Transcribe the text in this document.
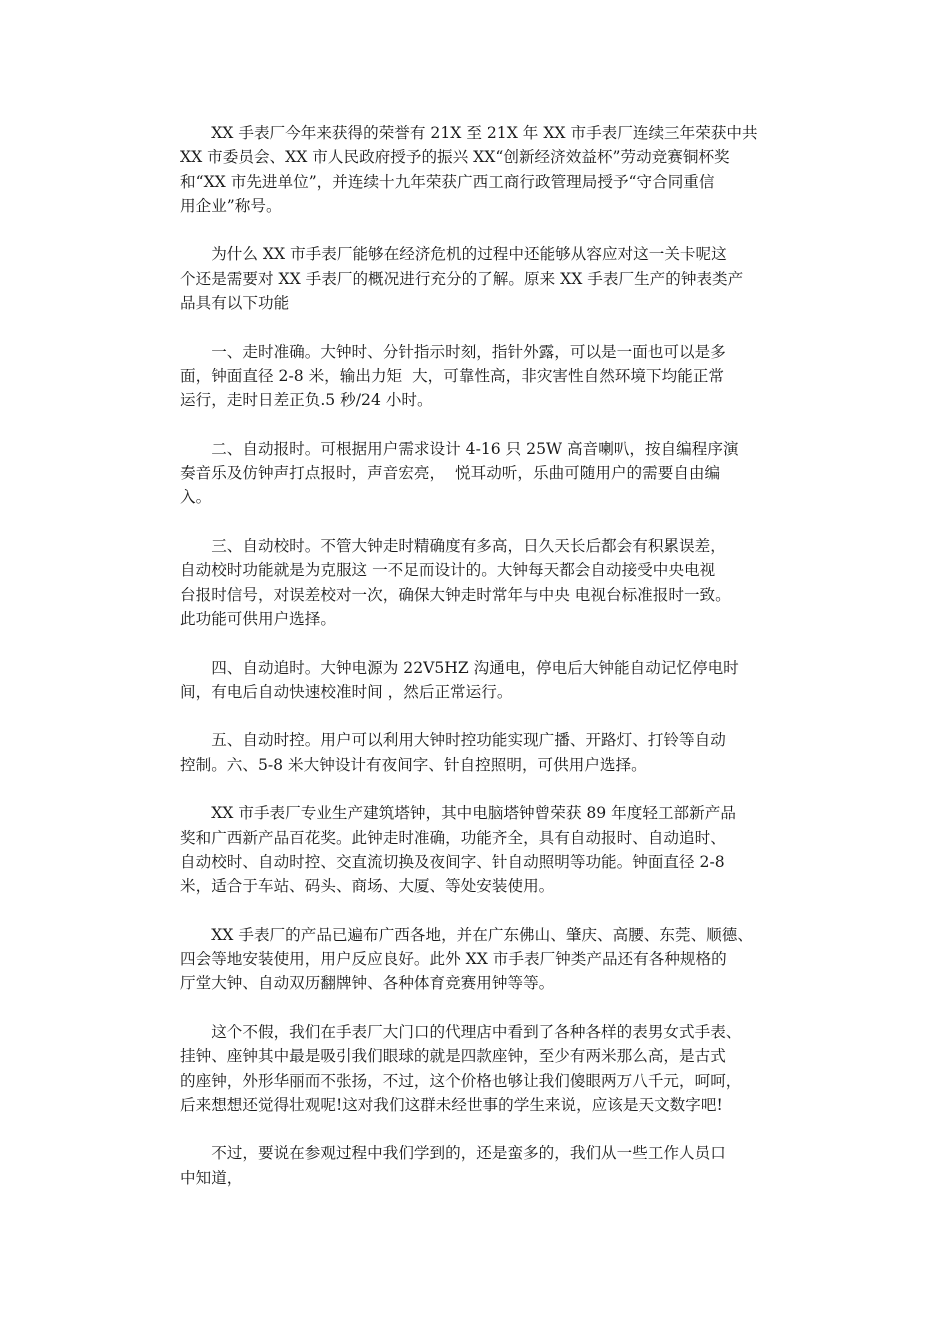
XX 手表厂今年来获得的荣誉有 21X 至 21X 年 XX 市手表厂连续三年荣获中共
XX 市委员会、XX 市人民政府授予的振兴 XX“创新经济效益杯”劳动竞赛铜杯奖
和“XX 市先进单位”，并连续十九年荣获广西工商行政管理局授予“守合同重信
用企业”称号。
为什么 XX 市手表厂能够在经济危机的过程中还能够从容应对这一关卡呢这
个还是需要对 XX 手表厂的概况进行充分的了解。原来 XX 手表厂生产的钟表类产
品具有以下功能
一、走时准确。大钟时、分针指示时刻，指针外露，可以是一面也可以是多
面，钟面直径 2-8 米，输出力矩  大，可靠性高，非灾害性自然环境下均能正常
运行，走时日差正负.5 秒/24 小时。
二、自动报时。可根据用户需求设计 4-16 只 25W 高音喇叭，按自编程序演
奏音乐及仿钟声打点报时，声音宏亮，  悦耳动听，乐曲可随用户的需要自由编
入。
三、自动校时。不管大钟走时精确度有多高，日久天长后都会有积累误差，
自动校时功能就是为克服这 一不足而设计的。大钟每天都会自动接受中央电视
台报时信号，对误差校对一次，确保大钟走时常年与中央 电视台标准报时一致。
此功能可供用户选择。
四、自动追时。大钟电源为 22V5HZ 沟通电，停电后大钟能自动记忆停电时
间，有电后自动快速校准时间 ，然后正常运行。
五、自动时控。用户可以利用大钟时控功能实现广播、开路灯、打铃等自动
控制。六、5-8 米大钟设计有夜间字、针自控照明，可供用户选择。
XX 市手表厂专业生产建筑塔钟，其中电脑塔钟曾荣获 89 年度轻工部新产品
奖和广西新产品百花奖。此钟走时准确，功能齐全，具有自动报时、自动追时、
自动校时、自动时控、交直流切换及夜间字、针自动照明等功能。钟面直径 2-8
米，适合于车站、码头、商场、大厦、等处安装使用。
XX 手表厂的产品已遍布广西各地，并在广东佛山、肇庆、高腰、东莞、顺德、
四会等地安装使用，用户反应良好。此外 XX 市手表厂钟类产品还有各种规格的
厅堂大钟、自动双历翻牌钟、各种体育竞赛用钟等等。
这个不假，我们在手表厂大门口的代理店中看到了各种各样的表男女式手表、
挂钟、座钟其中最是吸引我们眼球的就是四款座钟，至少有两米那么高，是古式
的座钟，外形华丽而不张扬，不过，这个价格也够让我们傻眼两万八千元，呵呵，
后来想想还觉得壮观呢!这对我们这群未经世事的学生来说，应该是天文数字吧!
不过，要说在参观过程中我们学到的，还是蛮多的，我们从一些工作人员口
中知道，
